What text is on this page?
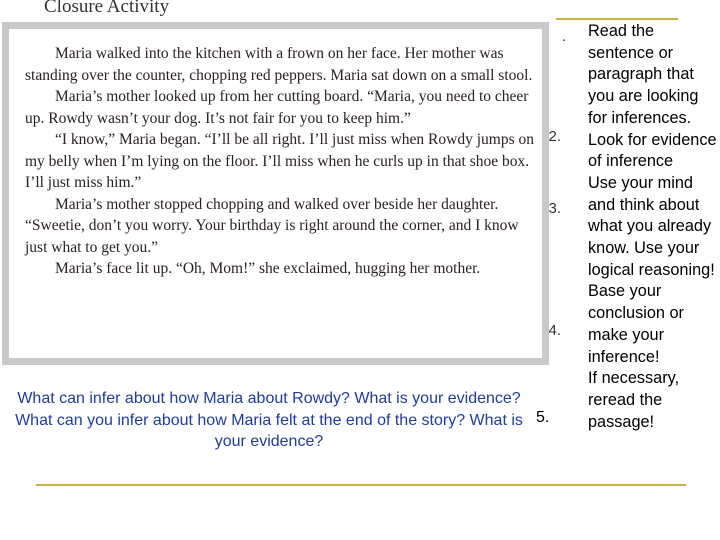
Closure Activity

Maria walked into the kitchen with a frown on her face. Her mother was standing over the counter, chopping red peppers. Maria sat down on a small stool.

Maria’s mother looked up from her cutting board. “Maria, you need to cheer up. Rowdy wasn’t your dog. It’s not fair for you to keep him.”

“I know,” Maria began. “I’ll be all right. I’ll just miss when Rowdy jumps on my belly when I’m lying on the floor. I’ll miss when he curls up in that shoe box. I’ll just miss him.”

Maria’s mother stopped chopping and walked over beside her daughter. “Sweetie, don’t you worry. Your birthday is right around the corner, and I know just what to get you.”

Maria’s face lit up. “Oh, Mom!” she exclaimed, hugging her mother.

.
2.
3.
4.
5.
Read the sentence or paragraph that you are looking for inferences.
Look for evidence of inference
Use your mind and think about what you already know. Use your logical reasoning!
Base your conclusion or make your inference!
If necessary, reread the passage!
What can infer about how Maria about Rowdy? What is your evidence?
What can you infer about how Maria felt at the end of the story? What is your evidence?
